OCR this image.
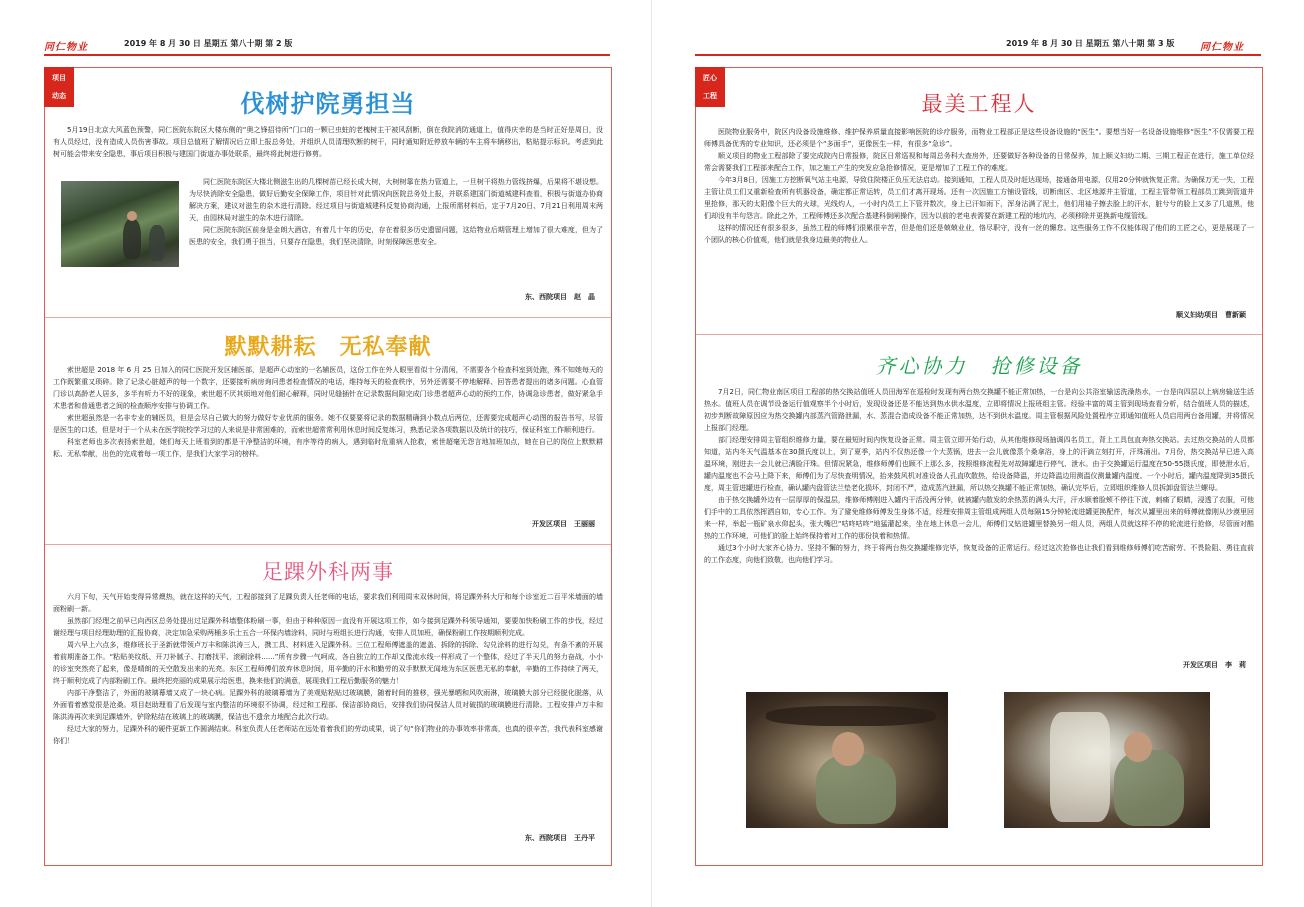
同仁物业	2019 年 8 月 30 日 星期五 第八十期 第 2 版
项目
动态	伐树护院勇担当

5月19日北京大风蓝色预警，同仁医院东院区大楼东侧的“奥之锋招待所”门口的一颗已虫蛀的老槐树主干被风刮断，倒在我院消防通道上，值得庆幸的是当时正好是周日，没有人员经过，没有造成人员伤害事故。项目总值班了解情况后立即上报总务处，并组织人员清理吹断的树干，同时通知附近停放车辆的车主将车辆移出，粘贴提示标识。考虑到此树可能会带来安全隐患，事后项目积极与建国门街道办事处联系，最终将此树进行修剪。

同仁医院东院区大楼北侧滋生出的几棵树苗已经长成大树，大树树靠在热力管道上，一旦树干将热力管线挤爆，后果将不堪设想。为尽快消除安全隐患，做好后勤安全保障工作，项目针对此情况向医院总务处上报，并联系建国门街道城建科查看，积极与街道办协商解决方案，建议对滋生的杂木进行清除。经过项目与街道城建科反复协商沟通，上报所需材料后，定于7月20日、7月21日利用周末两天，由园林局对滋生的杂木进行清除。

同仁医院东院区前身是金朗大酒店，有着几十年的历史，存在着很多历史遗留问题，这给物业后期管理上增加了很大难度，但为了医患的安全，我们勇于担当，只要存在隐患，我们坚决清除，时刻保障医患安全。

东、西院项目　赵　晶
默默耕耘　无私奉献

索世超是 2018 年 6 月 25 日加入的同仁医院开发区辅医部，是超声心动室的一名辅医员，这份工作在外人眼里看似十分清闲，不需要各个检查科室到处跑，殊不知她每天的工作既繁重又琐碎。除了记录心脏超声的每一个数字，还要接听病房询问患者检查情况的电话，维持每天的检查秩序，另外还需要不停地解释、回答患者提出的诸多问题。心血管门诊以高龄老人居多，多半有听力不好的现象，索世超不厌其烦地对他们耐心解释，同时见缝插针在记录数据间隙完成门诊患者超声心动的预约工作，协调急诊患者，做好紧急手术患者和普通患者之间的检查顺序安排与协调工作。

索世超虽然是一名非专业的辅医员，但是会尽自己做大的努力做好专业优质的服务。她不仅要要将记录的数据精确到小数点后两位，还需要完成超声心动图的报告书写，尽管是医生的口述，但是对于一个从未在医学院校学习过的人来说是非常困难的，而索世超常常利用休息时间反复练习，熟悉记录各项数据以及统计的技巧，保证科室工作顺利进行。

科室老师也多次表扬索世超，她们每天上班看到的都是干净整洁的环境，有序等待的病人，遇到临时危重病人抢救，索世超毫无怨言地加班加点，她在自己的岗位上默默耕耘、无私奉献，出色的完成着每一项工作，是我们大家学习的榜样。

开发区项目　王丽丽
足踝外科两事

六月下旬，天气开始变得异常燠热，就在这样的天气，工程部接到了足踝负责人任老师的电话，要求我们利用周末双休时间，将足踝外科大厅和每个诊室近二百平米墙面的墙面粉刷一新。

虽然部门经理之前早已向西区总务处提出过足踝外科墙整体粉刷一事，但由于种种原因一直没有开展这项工作，如今接到足踝外科领导通知，要要加快粉刷工作的步伐，经过谢经理与项目经理助理的汇报协商，决定加急采购两桶多乐士五合一环保内墙涂料，同时与班组长进行沟通，安排人员加班，确保粉刷工作按期顺利完成。

周六早上六点多，维修班长于圣新就带领卢万丰和陈洪涛三人，携工具、材料进入足踝外科。三位工程师傅遮盖的遮盖、拆除的拆除、勾兑涂料的进行勾兑，有条不紊的开展着前期准备工作。“粘贴美纹纸、开刀补腻子、打磨找平、滚刷涂料......”所有步骤一气呵成，各自独立的工作却又像流水线一样形成了一个整体，经过了半天几的努力奋战，小小的诊室突然亮了起来，像是晴朗的天空散发出来的光亮。东区工程师傅们放弃休息时间，用辛勤的汗水和勤劳的双手默默无闻地为东区医患无私的奉献，辛勤的工作持续了两天，终于顺利完成了内部粉刷工作。最终把亮丽的成果展示给医患，换来他们的满意，展现我们工程后勤服务的魅力！

内部干净整洁了，外面的玻璃幕墙又成了一块心病。足踝外科的玻璃幕墙为了美观贴粘贴过玻璃膜，随着时间的推移，强光暴晒和风吹雨淋，玻璃膜大部分已经脱化脱落，从外面看着感觉很是沧桑。项目赵助理看了后发现与室内整洁的环境很不协调，经过和工程部、保洁部协商后，安排我们协同保洁人员对破损的玻璃膜进行清除。工程安排卢万丰和陈洪涛再次来到足踝墙外，铲除粘结在玻璃上的玻璃膜，保洁也不遗余力地配合此次行动。

经过大家的努力，足踝外科的硬件更新工作圆满结束。科室负责人任老师站在远处看着我们的劳动成果，说了句“你们物业的办事效率非常高，也真的很辛苦，我代表科室感谢你们！

东、西院项目　王丹平
2019 年 8 月 30 日 星期五 第八十期 第 3 版	同仁物业
匠心
工程	最美工程人

医院物业服务中，院区内设备设施维修、维护保养质量直接影响医院的诊疗服务，而物业工程部正是这些设备设施的“医生”。要想当好一名设备设施维修“医生”不仅需要工程师傅具备优秀的专业知识，还必须是个“多面手”，更像医生一样，有很多“急诊”。

顺义项目的物业工程部除了要完成院内日常报修，院区日常巡视和每周总务科大查房外，还要做好各种设备的日常保养，加上顺义妇幼二期、三期工程正在进行，施工单位经常会需要我们工程部来配合工作，加之施工产生的突发应急抢修情况，更是增加了工程工作的难度。

今年3月8日，因施工方挖断氧气站主电源，导致住院楼正负压无法启动。接到通知，工程人员及时赶达现场，接通备用电源，仅用20分钟就恢复正常。为确保万无一失，工程主管让员工们又重新检查所有机器设备，确定都正常运转，员工们才离开现场。还有一次因施工方铺设管线，切断南区、北区地源井主管道，工程主管带领工程部员工跳到管道井里抢修，那天的太阳像个巨大的火球，光线灼人，一小时内员工上下管井数次，身上已汗如雨下，浑身沾满了泥土，他们用袖子擦去脸上的汗水，脏兮兮的脸上又多了几道黑，他们却没有半句怨言。除此之外，工程师傅还多次配合基建科倒闸操作，因为以前的老电表需要在新建工程的地坑内，必须移除并更换新电缆管线。

这样的情况还有很多很多，虽然工程的师傅们很累很辛苦，但是他们还是兢兢业业，恪尽职守，没有一丝的懈怠。这些服务工作不仅能体现了他们的工匠之心，更是展现了一个团队的核心价值观，他们就是我身边最美的物业人。

顺义妇幼项目　曹新颖
齐心协力　抢修设备

7月2日，同仁物业南区项目工程部的热交换站值班人员田海军在巡检时发现有两台热交换罐不能正常加热，一台是向公共浴室输送洗澡热水，一台是向四层以上病房输送生活热水。值班人员在调节设备运行值观察半个小时后，发现设备还是不能达到热水供水温度，立即将情况上报班组主管。经验丰富的周主管到现场查看分析，结合值班人员的描述，初步判断故障原因应为热交换罐内部蒸汽管路泄漏，水、蒸混合造成设备不能正常加热，达不到供水温度。周主管根据风险处置程序立即通知值班人员启用两台备用罐，并将情况上报部门经理。

部门经理安排周主管组织维修力量，要在最短时间内恢复设备正常。周主管立即开始行动，从其他维修现场抽调四名员工，背上工具包直奔热交换站。去过热交换站的人员都知道，站内冬天气温基本在30摄氏度以上，到了夏季，站内不仅热还像一个大蒸锅，进去一会儿就像蒸个桑拿浴，身上的汗滴立刻打开，汗珠涌出。7月份，热交换站早已进入高温环境，刚进去一会儿就已满脸汗珠。但情况紧急，维修师傅们也顾不上那么多，按照维修流程先对故障罐进行停气、泄水。由于交换罐运行温度在50-55摄氏度，即使泄水后，罐内温度也不会马上降下来，师傅们为了尽快查明情况，抬来鼓风机对准设备人孔直吹散热，给设备降温，并边降温边用测温仪测量罐内温度。一个小时后，罐内温度降到35摄氏度，周主管进罐进行检查，确认罐内盘管法兰垫老化损坏，封闭不严，造成蒸汽泄漏，所以热交换罐不能正常加热，确认完毕后，立即组织维修人员拆卸盘管法兰螺母。

由于热交换罐外边有一层厚厚的保温层，维修师傅刚进入罐内干活没两分钟，就被罐内散发的余热蒸的满头大汗，汗水顺着脸颊不停往下流，刺痛了眼睛，浸透了衣服，可他们手中的工具依然挥洒自如，专心工作。为了避免维修师傅发生身体不适，经理安排周主管组成两组人员每隔15分钟轮流进罐更换配件，每次从罐里出来的师傅就像刚从沙漠里回来一样，举起一瓶矿泉水仰起头，张大嘴巴“咕咚咕咚”地猛灌起来，坐在地上休息一会儿，师傅们又钻进罐里替换另一组人员，两组人员就这样不停的轮流进行抢修，尽管面对酷热的工作环境，可他们的脸上始终保持着对工作的那份执着和热情。

通过3个小时大家齐心协力、坚持不懈的努力，终于将两台热交换罐维修完毕，恢复设备的正常运行。经过这次抢修也让我们看到维修师傅们吃苦耐劳、不畏险阻、勇往直前的工作态度，向他们致敬，也向他们学习。

开发区项目　李　莉
